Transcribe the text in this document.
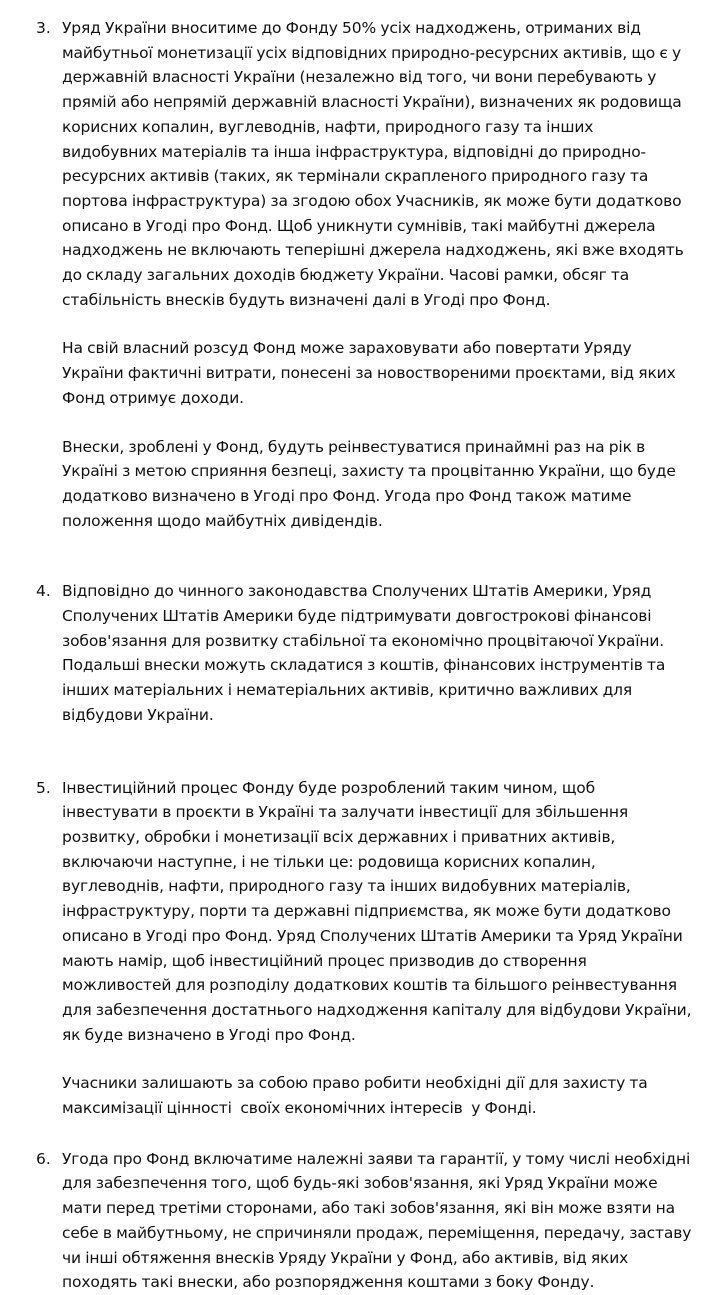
3. Уряд України вноситиме до Фонду 50% усіх надходжень, отриманих від
майбутньої монетизації усіх відповідних природно-ресурсних активів, що є у
державній власності України (незалежно від того, чи вони перебувають у
прямій або непрямій державній власності України), визначених як родовища
корисних копалин, вуглеводнів, нафти, природного газу та інших
видобувних матеріалів та інша інфраструктура, відповідні до природно-
ресурсних активів (таких, як термінали скрапленого природного газу та
портова інфраструктура) за згодою обох Учасників, як може бути додатково
описано в Угоді про Фонд. Щоб уникнути сумнівів, такі майбутні джерела
надходжень не включають теперішні джерела надходжень, які вже входять
до складу загальних доходів бюджету України. Часові рамки, обсяг та
стабільність внесків будуть визначені далі в Угоді про Фонд.

На свій власний розсуд Фонд може зараховувати або повертати Уряду
України фактичні витрати, понесені за новоствореними проєктами, від яких
Фонд отримує доходи.

Внески, зроблені у Фонд, будуть реінвестуватися принаймні раз на рік в
Україні з метою сприяння безпеці, захисту та процвітанню України, що буде
додатково визначено в Угоді про Фонд. Угода про Фонд також матиме
положення щодо майбутніх дивідендів.

4. Відповідно до чинного законодавства Сполучених Штатів Америки, Уряд
Сполучених Штатів Америки буде підтримувати довгострокові фінансові
зобов'язання для розвитку стабільної та економічно процвітаючої України.
Подальші внески можуть складатися з коштів, фінансових інструментів та
інших матеріальних і нематеріальних активів, критично важливих для
відбудови України.

5. Інвестиційний процес Фонду буде розроблений таким чином, щоб
інвестувати в проєкти в Україні та залучати інвестиції для збільшення
розвитку, обробки і монетизації всіх державних і приватних активів,
включаючи наступне, і не тільки це: родовища корисних копалин,
вуглеводнів, нафти, природного газу та інших видобувних матеріалів,
інфраструктуру, порти та державні підприємства, як може бути додатково
описано в Угоді про Фонд. Уряд Сполучених Штатів Америки та Уряд України
мають намір, щоб інвестиційний процес призводив до створення
можливостей для розподілу додаткових коштів та більшого реінвестування
для забезпечення достатнього надходження капіталу для відбудови України,
як буде визначено в Угоді про Фонд.

Учасники залишають за собою право робити необхідні дії для захисту та
максимізації цінності  своїх економічних інтересів  у Фонді.

6. Угода про Фонд включатиме належні заяви та гарантії, у тому числі необхідні
для забезпечення того, щоб будь-які зобов'язання, які Уряд України може
мати перед третіми сторонами, або такі зобов'язання, які він може взяти на
себе в майбутньому, не спричиняли продаж, переміщення, передачу, заставу
чи інші обтяження внесків Уряду України у Фонд, або активів, від яких
походять такі внески, або розпорядження коштами з боку Фонду.
